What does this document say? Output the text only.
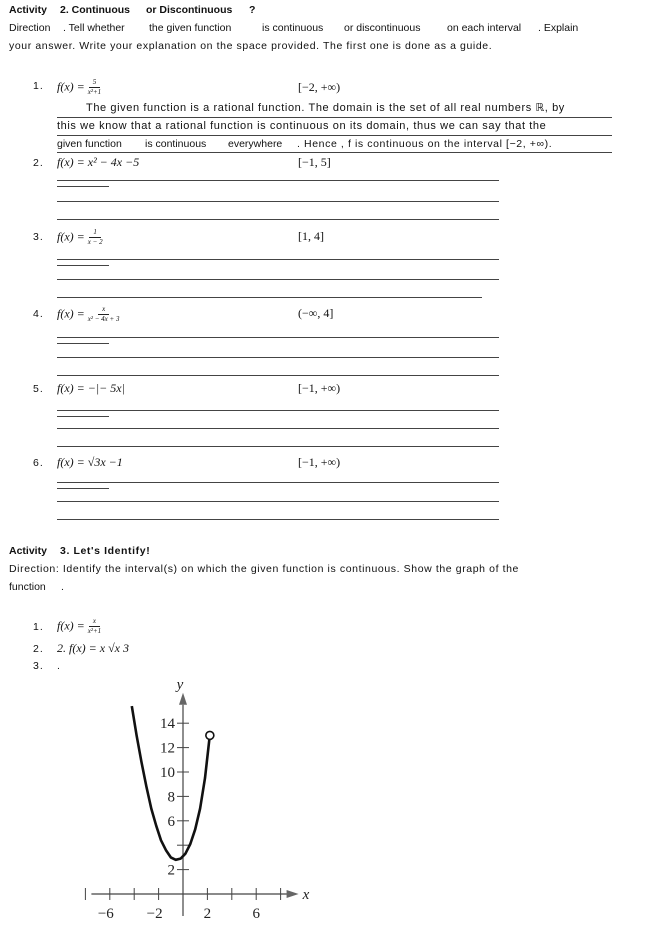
Activity 2. Continuous or Discontinuous ?
Direction . Tell whether the given function	is continuous or discontinuous	on each interval . Explain
your answer. Write your explanation on the space provided. The first one is done as a guide.
1. $f(x) = \frac{5}{\text{x²+1}}$	[−2, +∞)
The given function is a rational function. The domain is the set of all real numbers ℝ, by
this we know that a rational function is continuous on its domain, thus we can say that the
given function is continuous everywhere . Hence , f is continuous on the interval [−2, +∞).
2. f(x) = x² − 4x −5	[−1, 5]
3. $f(x) = \frac{1}{x - 2}$	[1, 4]
4. $f(x) = \frac{x}{\text{x² − 4x + 3}}$	(−∞, 4]
5. f(x) = −|− 5x|	[−1, +∞)
6. f(x) = √3x −1	[−1, +∞)
Activity 3. Let's Identify!
Direction: Identify the interval(s) on which the given function is continuous. Show the graph of the
function .
1. $f(x) = \frac{x}{\text{x²+1}}$
2. 2. f(x) = x √x 3
3. .
−6 −2	2	6
2
6
8
10
12
14
x
y
